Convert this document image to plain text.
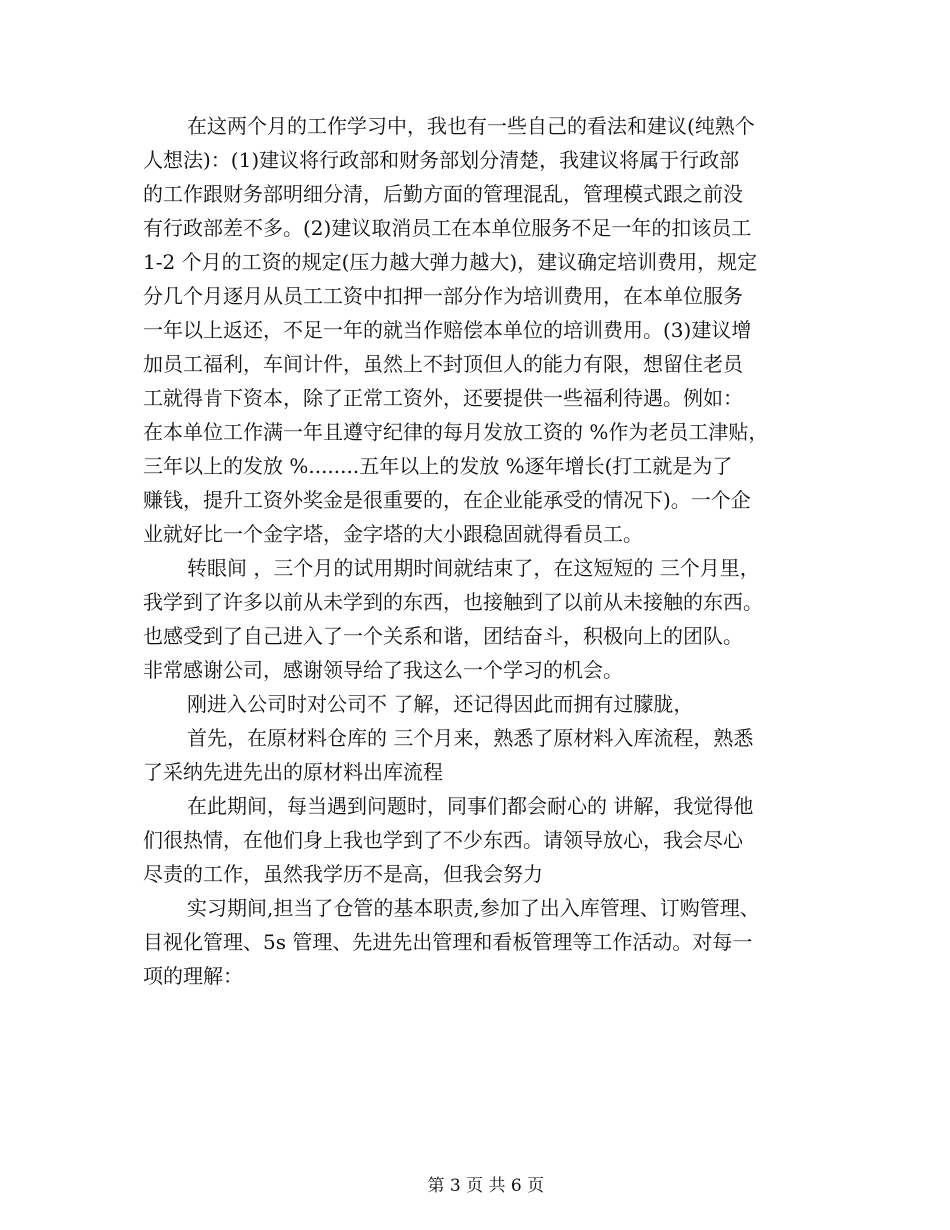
在这两个月的工作学习中，我也有一些自己的看法和建议(纯熟个
人想法)：(1)建议将行政部和财务部划分清楚，我建议将属于行政部
的工作跟财务部明细分清，后勤方面的管理混乱，管理模式跟之前没
有行政部差不多。(2)建议取消员工在本单位服务不足一年的扣该员工
1-2 个月的工资的规定(压力越大弹力越大)，建议确定培训费用，规定
分几个月逐月从员工工资中扣押一部分作为培训费用，在本单位服务
一年以上返还，不足一年的就当作赔偿本单位的培训费用。(3)建议增
加员工福利，车间计件，虽然上不封顶但人的能力有限，想留住老员
工就得肯下资本，除了正常工资外，还要提供一些福利待遇。例如：
在本单位工作满一年且遵守纪律的每月发放工资的 %作为老员工津贴，
三年以上的发放 %........五年以上的发放 %逐年增长(打工就是为了
赚钱，提升工资外奖金是很重要的，在企业能承受的情况下)。一个企
业就好比一个金字塔，金字塔的大小跟稳固就得看员工。
转眼间 ，三个月的试用期时间就结束了，在这短短的 三个月里，
我学到了许多以前从未学到的东西，也接触到了以前从未接触的东西。
也感受到了自己进入了一个关系和谐，团结奋斗，积极向上的团队。
非常感谢公司，感谢领导给了我这么一个学习的机会。
刚进入公司时对公司不 了解，还记得因此而拥有过朦胧，
首先，在原材料仓库的 三个月来，熟悉了原材料入库流程，熟悉
了采纳先进先出的原材料出库流程
在此期间，每当遇到问题时，同事们都会耐心的 讲解，我觉得他
们很热情，在他们身上我也学到了不少东西。请领导放心，我会尽心
尽责的工作，虽然我学历不是高，但我会努力
实习期间,担当了仓管的基本职责,参加了出入库管理、订购管理、
目视化管理、5s 管理、先进先出管理和看板管理等工作活动。对每一
项的理解：

第 3 页 共 6 页
